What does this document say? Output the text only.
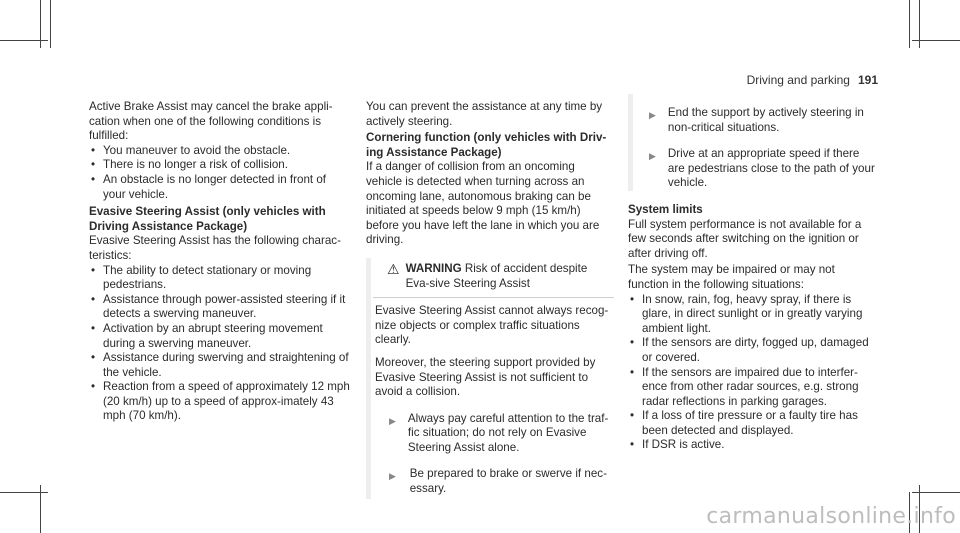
Driving and parking 191

Active Brake Assist may cancel the brake appli-cation when one of the following conditions is fulfilled:

• You maneuver to avoid the obstacle.
• There is no longer a risk of collision.
• An obstacle is no longer detected in front of your vehicle.

Evasive Steering Assist (only vehicles with Driving Assistance Package)

Evasive Steering Assist has the following charac-teristics:

• The ability to detect stationary or moving pedestrians.
• Assistance through power-assisted steering if it detects a swerving maneuver.
• Activation by an abrupt steering movement during a swerving maneuver.
• Assistance during swerving and straightening of the vehicle.
• Reaction from a speed of approximately 12 mph (20 km/h) up to a speed of approx-imately 43 mph (70 km/h).

You can prevent the assistance at any time by actively steering.

Cornering function (only vehicles with Driv-ing Assistance Package)

If a danger of collision from an oncoming vehicle is detected when turning across an oncoming lane, autonomous braking can be initiated at speeds below 9 mph (15 km/h) before you have left the lane in which you are driving.

⚠ WARNING Risk of accident despite Eva-sive Steering Assist

Evasive Steering Assist cannot always recog-nize objects or complex traffic situations clearly.

Moreover, the steering support provided by Evasive Steering Assist is not sufficient to avoid a collision.

▶ Always pay careful attention to the traf-fic situation; do not rely on Evasive Steering Assist alone.
▶ Be prepared to brake or swerve if nec-essary.
▶ End the support by actively steering in non-critical situations.
▶ Drive at an appropriate speed if there are pedestrians close to the path of your vehicle.

System limits

Full system performance is not available for a few seconds after switching on the ignition or after driving off.

The system may be impaired or may not function in the following situations:

• In snow, rain, fog, heavy spray, if there is glare, in direct sunlight or in greatly varying ambient light.
• If the sensors are dirty, fogged up, damaged or covered.
• If the sensors are impaired due to interfer-ence from other radar sources, e.g. strong radar reflections in parking garages.
• If a loss of tire pressure or a faulty tire has been detected and displayed.
• If DSR is active.
carmanualsonline.info
